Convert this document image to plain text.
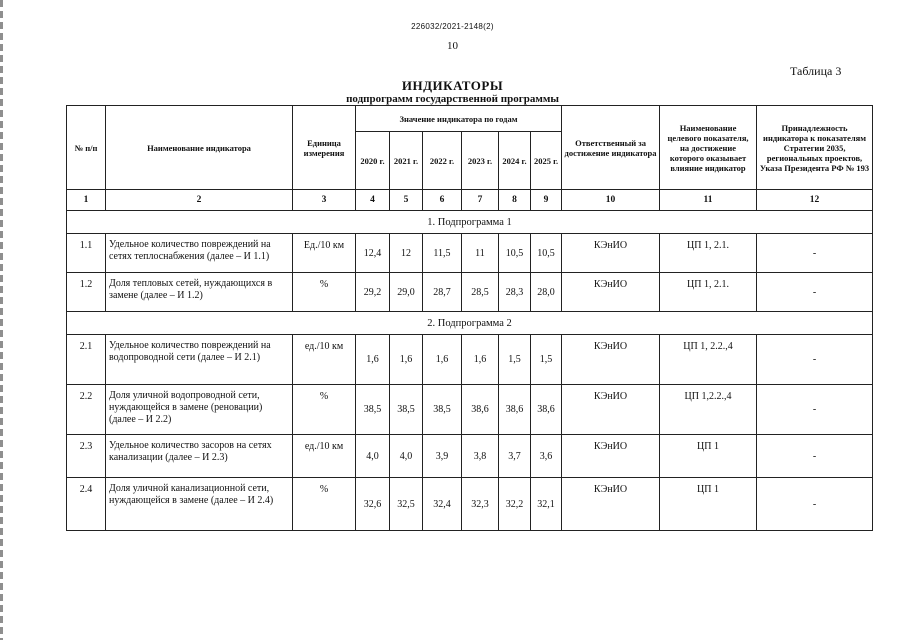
226032/2021-2148(2)
10
Таблица 3
ИНДИКАТОРЫ
подпрограмм государственной программы
№ п/п	Наименование индикатора	Единица измерения	Значение индикатора по годам						Ответственный за достижение индикатора	Наименование целевого показателя, на достижение которого оказывает влияние индикатор	Принадлежность индикатора к показателям Стратегии 2035, региональных проектов, Указа Президента РФ № 193
			2020 г.	2021 г.	2022 г.	2023 г.	2024 г.	2025 г.			
1	2	3	4	5	6	7	8	9	10	11	12
1. Подпрограмма 1											
1.1	Удельное количество повреждений на сетях теплоснабжения (далее – И 1.1)	Ед./10 км	12,4	12	11,5	11	10,5	10,5	КЭнИО	ЦП 1, 2.1.	-
1.2	Доля тепловых сетей, нуждающихся в замене (далее – И 1.2)	%	29,2	29,0	28,7	28,5	28,3	28,0	КЭнИО	ЦП 1, 2.1.	-
2. Подпрограмма 2											
2.1	Удельное количество повреждений на водопроводной сети (далее – И 2.1)	ед./10 км	1,6	1,6	1,6	1,6	1,5	1,5	КЭнИО	ЦП 1, 2.2.,4	-
2.2	Доля уличной водопроводной сети, нуждающейся в замене (реновации) (далее – И 2.2)	%	38,5	38,5	38,5	38,6	38,6	38,6	КЭнИО	ЦП 1,2.2.,4	-
2.3	Удельное количество засоров на сетях канализации (далее – И 2.3)	ед./10 км	4,0	4,0	3,9	3,8	3,7	3,6	КЭнИО	ЦП 1	-
2.4	Доля уличной канализационной сети, нуждающейся в замене (далее – И 2.4)	%	32,6	32,5	32,4	32,3	32,2	32,1	КЭнИО	ЦП 1	-
